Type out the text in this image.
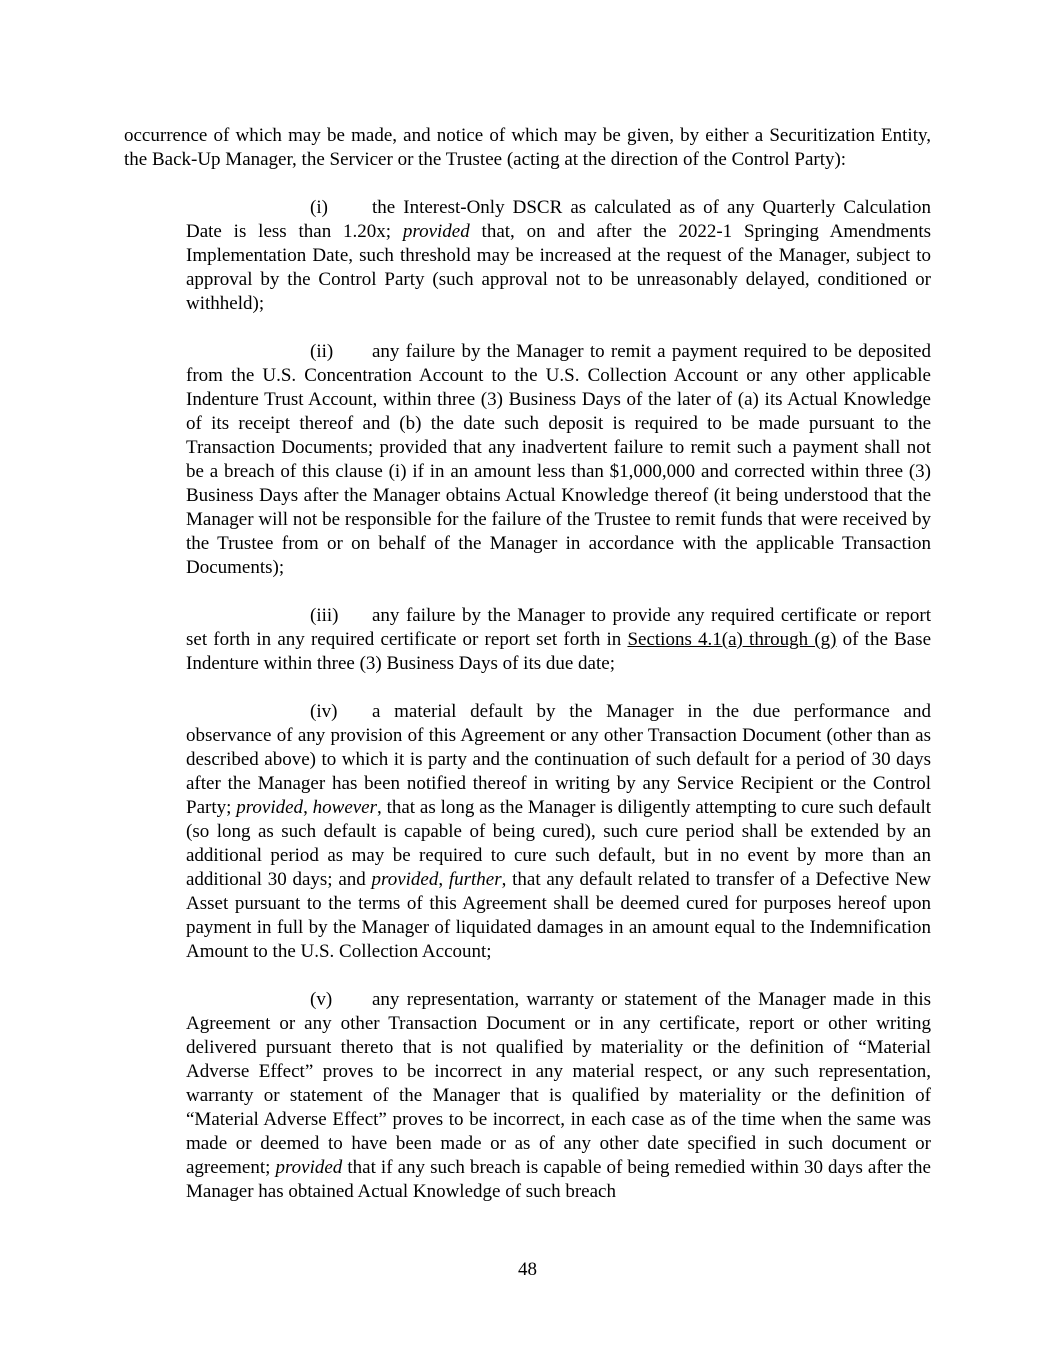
occurrence of which may be made, and notice of which may be given, by either a Securitization Entity, the Back-Up Manager, the Servicer or the Trustee (acting at the direction of the Control Party):

(i) the Interest-Only DSCR as calculated as of any Quarterly Calculation Date is less than 1.20x; provided that, on and after the 2022-1 Springing Amendments Implementation Date, such threshold may be increased at the request of the Manager, subject to approval by the Control Party (such approval not to be unreasonably delayed, conditioned or withheld);

(ii) any failure by the Manager to remit a payment required to be deposited from the U.S. Concentration Account to the U.S. Collection Account or any other applicable Indenture Trust Account, within three (3) Business Days of the later of (a) its Actual Knowledge of its receipt thereof and (b) the date such deposit is required to be made pursuant to the Transaction Documents; provided that any inadvertent failure to remit such a payment shall not be a breach of this clause (i) if in an amount less than $1,000,000 and corrected within three (3) Business Days after the Manager obtains Actual Knowledge thereof (it being understood that the Manager will not be responsible for the failure of the Trustee to remit funds that were received by the Trustee from or on behalf of the Manager in accordance with the applicable Transaction Documents);

(iii) any failure by the Manager to provide any required certificate or report set forth in any required certificate or report set forth in Sections 4.1(a) through (g) of the Base Indenture within three (3) Business Days of its due date;

(iv) a material default by the Manager in the due performance and observance of any provision of this Agreement or any other Transaction Document (other than as described above) to which it is party and the continuation of such default for a period of 30 days after the Manager has been notified thereof in writing by any Service Recipient or the Control Party; provided, however, that as long as the Manager is diligently attempting to cure such default (so long as such default is capable of being cured), such cure period shall be extended by an additional period as may be required to cure such default, but in no event by more than an additional 30 days; and provided, further, that any default related to transfer of a Defective New Asset pursuant to the terms of this Agreement shall be deemed cured for purposes hereof upon payment in full by the Manager of liquidated damages in an amount equal to the Indemnification Amount to the U.S. Collection Account;

(v) any representation, warranty or statement of the Manager made in this Agreement or any other Transaction Document or in any certificate, report or other writing delivered pursuant thereto that is not qualified by materiality or the definition of “Material Adverse Effect” proves to be incorrect in any material respect, or any such representation, warranty or statement of the Manager that is qualified by materiality or the definition of “Material Adverse Effect” proves to be incorrect, in each case as of the time when the same was made or deemed to have been made or as of any other date specified in such document or agreement; provided that if any such breach is capable of being remedied within 30 days after the Manager has obtained Actual Knowledge of such breach

48
